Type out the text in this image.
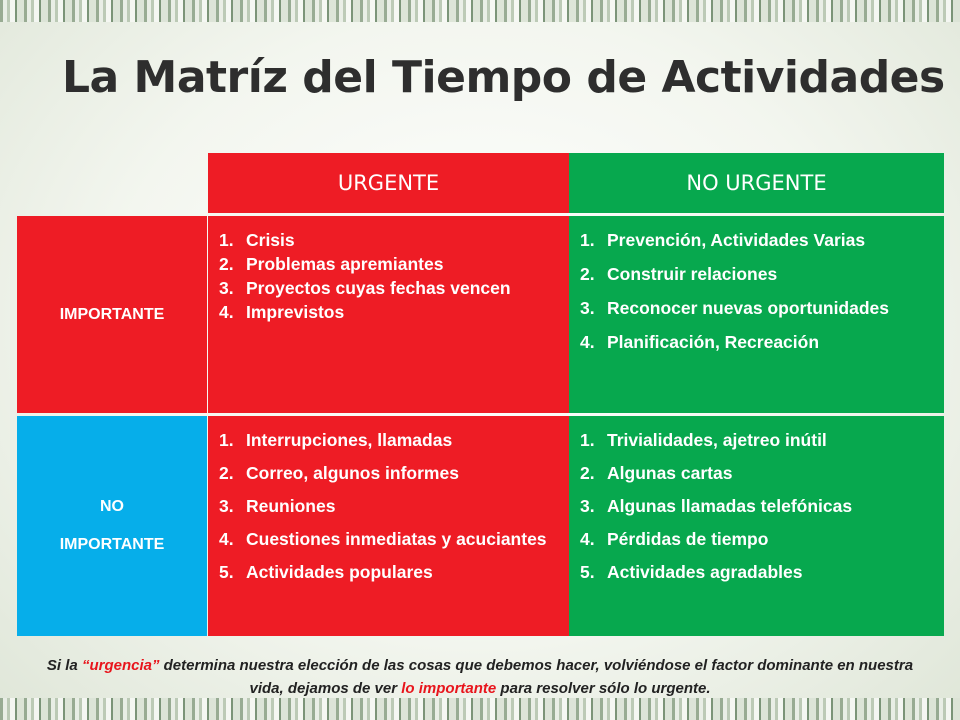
La Matríz del Tiempo de Actividades
URGENTE	NO URGENTE
IMPORTANTE
NO
IMPORTANTE
1. Crisis
2. Problemas apremiantes
3. Proyectos cuyas fechas vencen
4. Imprevistos
1. Prevención, Actividades Varias
2. Construir relaciones
3. Reconocer nuevas oportunidades
4. Planificación, Recreación
1. Interrupciones, llamadas
2. Correo, algunos informes
3. Reuniones
4. Cuestiones inmediatas y acuciantes
5. Actividades populares
1. Trivialidades, ajetreo inútil
2. Algunas cartas
3. Algunas llamadas telefónicas
4. Pérdidas de tiempo
5. Actividades agradables

Si la “urgencia” determina nuestra elección de las cosas que debemos hacer, volviéndose el factor dominante en nuestra vida, dejamos de ver lo importante para resolver sólo lo urgente.
